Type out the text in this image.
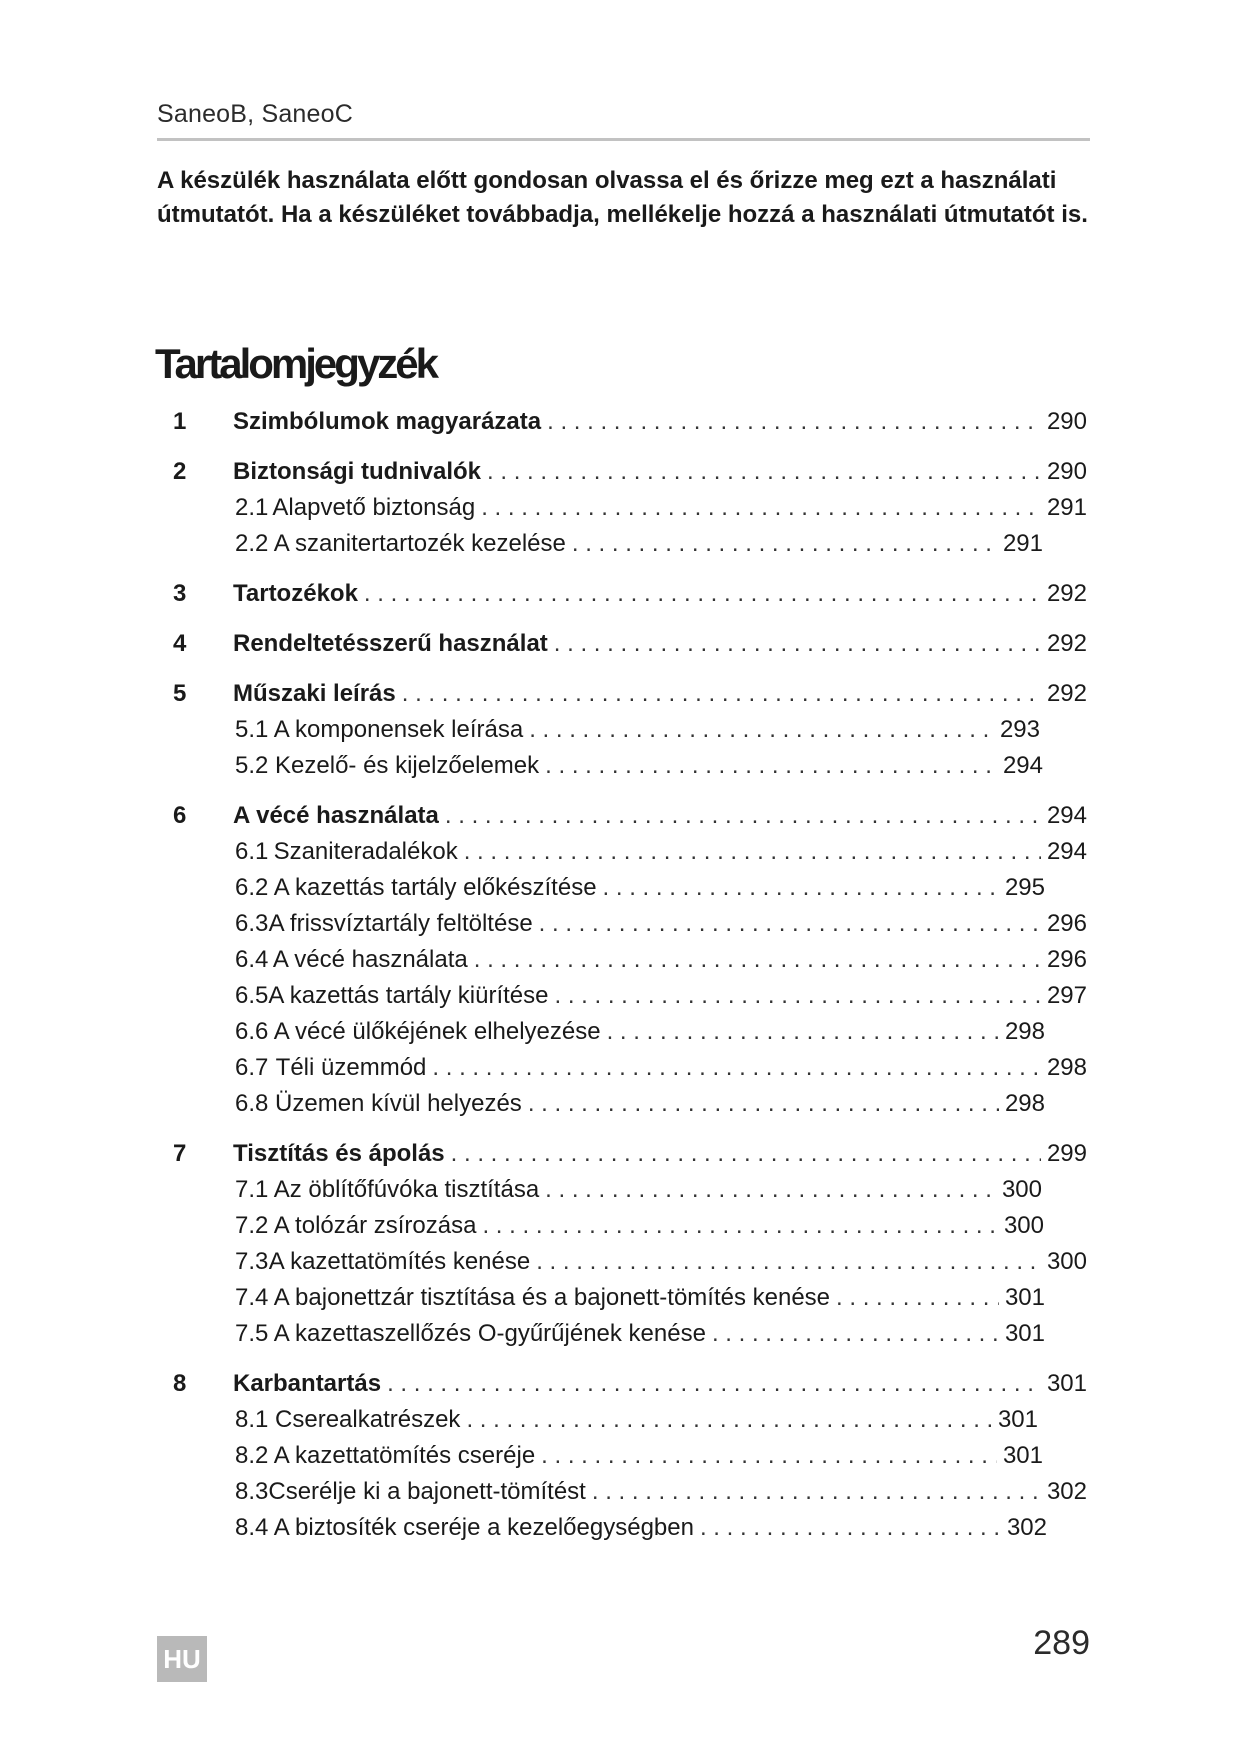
SaneoB, SaneoC
A készülék használata előtt gondosan olvassa el és őrizze meg ezt a használati útmutatót. Ha a készüléket továbbadja, mellékelje hozzá a használati útmutatót is.
Tartalomjegyzék
1	Szimbólumok magyarázata . . .	290
2	Biztonsági tudnivalók . . .	290
2.1 Alapvető biztonság . . .	291
2.2 A szanitertartozék kezelése . . .	291
3	Tartozékok . . .	292
4	Rendeltetésszerű használat . . .	292
5	Műszaki leírás . . .	292
5.1 A komponensek leírása . . .	293
5.2 Kezelő- és kijelzőelemek . . .	294
6	A vécé használata . . .	294
6.1 Szaniteradalékok . . .	294
6.2 A kazettás tartály előkészítése . . .	295
6.3 A frissvíztartály feltöltése . . .	296
6.4 A vécé használata . . .	296
6.5 A kazettás tartály kiürítése . . .	297
6.6 A vécé ülőkéjének elhelyezése . . .	298
6.7 Téli üzemmód . . .	298
6.8 Üzemen kívül helyezés . . .	298
7	Tisztítás és ápolás . . .	299
7.1 Az öblítőfúvóka tisztítása . . .	300
7.2 A tolózár zsírozása . . .	300
7.3 A kazettatömítés kenése . . .	300
7.4 A bajonettzár tisztítása és a bajonett-tömítés kenése . . .	301
7.5 A kazettaszellőzés O-gyűrűjének kenése . . .	301
8	Karbantartás . . .	301
8.1 Cserealkatrészek . . .	301
8.2 A kazettatömítés cseréje . . .	301
8.3 Cserélje ki a bajonett-tömítést . . .	302
8.4 A biztosíték cseréje a kezelőegységben . . .	302
HU	289
